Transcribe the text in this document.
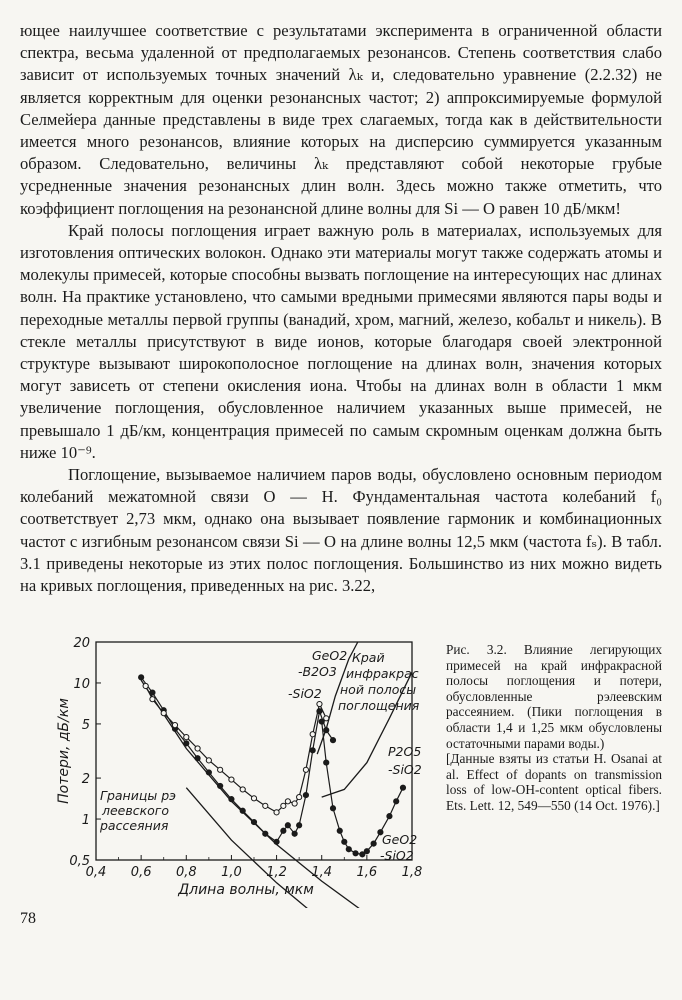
ющее наилучшее соответствие с результатами эксперимента в ограниченной области спектра, весьма удаленной от предполагаемых резонансов. Степень соответствия слабо зависит от используемых точных значений λₖ и, следовательно уравнение (2.2.32) не является корректным для оценки резонансных частот; 2) аппроксимируемые формулой Селмейера данные представлены в виде трех слагаемых, тогда как в действительности имеется много резонансов, влияние которых на дисперсию суммируется указанным образом. Следовательно, величины λₖ представляют собой некоторые грубые усредненные значения резонансных длин волн. Здесь можно также отметить, что коэффициент поглощения на резонансной длине волны для Si — O равен 10 дБ/мкм!

Край полосы поглощения играет важную роль в материалах, используемых для изготовления оптических волокон. Однако эти материалы могут также содержать атомы и молекулы примесей, которые способны вызвать поглощение на интересующих нас длинах волн. На практике установлено, что самыми вредными примесями являются пары воды и переходные металлы первой группы (ванадий, хром, магний, железо, кобальт и никель). В стекле металлы присутствуют в виде ионов, которые благодаря своей электронной структуре вызывают широкополосное поглощение на длинах волн, значения которых могут зависеть от степени окисления иона. Чтобы на длинах волн в области 1 мкм увеличение поглощения, обусловленное наличием указанных выше примесей, не превышало 1 дБ/км, концентрация примесей по самым скромным оценкам должна быть ниже 10⁻⁹.

Поглощение, вызываемое наличием паров воды, обусловлено основным периодом колебаний межатомной связи О — Н. Фундаментальная частота колебаний f₀ соответствует 2,73 мкм, однако она вызывает появление гармоник и комбинационных частот с изгибным резонансом связи Si — O на длине волны 12,5 мкм (частота fₛ). В табл. 3.1 приведены некоторые из этих полос поглощения. Большинство из них можно видеть на кривых поглощения, приведенных на рис. 3.22,

0,4 0,6 0,8 1,0 1,2 1,4 1,6 1,8
0,5
1
2
5
10
20
Потери, дБ/км
Длина волны, мкм
GeO2
-B2O3
-SiO2
Край
инфракрас
ной полосы
поглощения
P2O5
-SiO2
Границы рэ
леевского
рассеяния
GeO2
-SiO2

Рис. 3.2. Влияние легирующих примесей на край инфракрасной полосы поглощения и потери, обусловленные рэлеевским рассеянием. (Пики поглощения в области 1,4 и 1,25 мкм обусловлены остаточными парами воды.)

[Данные взяты из статьи H. Osanai at al. Effect of dopants on transmission loss of low-OH-content optical fibers. Ets. Lett. 12, 549—550 (14 Oct. 1976).]

78
